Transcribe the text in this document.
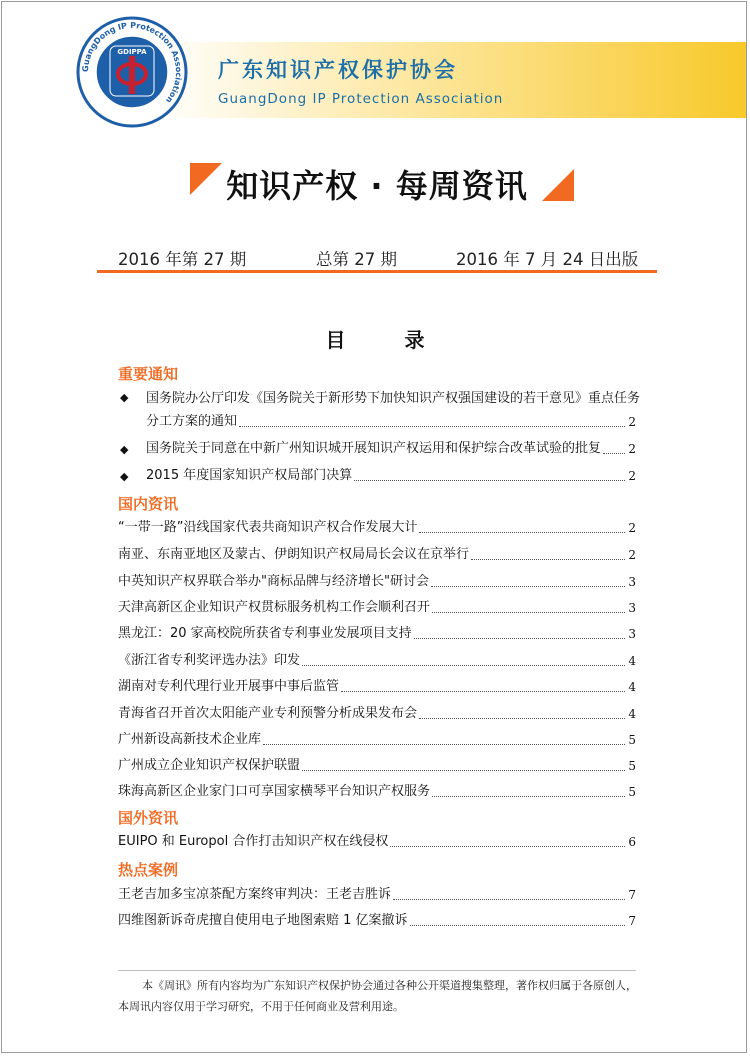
GuangDong IP Protection Association
GDIPPA
广东知识产权保护协会
GuangDong IP Protection Association
知识产权 · 每周资讯
2016 年第 27 期	总第 27 期	2016 年 7 月 24 日出版
目 录
重要通知
◆ 国务院办公厅印发《国务院关于新形势下加快知识产权强国建设的若干意见》重点任务
分工方案的通知	2
◆ 国务院关于同意在中新广州知识城开展知识产权运用和保护综合改革试验的批复 2
◆ 2015 年度国家知识产权局部门决算	2
国内资讯
“一带一路”沿线国家代表共商知识产权合作发展大计	2
南亚、东南亚地区及蒙古、伊朗知识产权局局长会议在京举行	2
中英知识产权界联合举办"商标品牌与经济增长"研讨会	3
天津高新区企业知识产权贯标服务机构工作会顺利召开	3
黑龙江：20 家高校院所获省专利事业发展项目支持	3
《浙江省专利奖评选办法》印发	4
湖南对专利代理行业开展事中事后监管	4
青海省召开首次太阳能产业专利预警分析成果发布会	4
广州新设高新技术企业库	5
广州成立企业知识产权保护联盟	5
珠海高新区企业家门口可享国家横琴平台知识产权服务	5
国外资讯
EUIPO 和 Europol 合作打击知识产权在线侵权	6
热点案例
王老吉加多宝凉茶配方案终审判决：王老吉胜诉	7
四维图新诉奇虎擅自使用电子地图索赔 1 亿案撤诉	7

本《周讯》所有内容均为广东知识产权保护协会通过各种公开渠道搜集整理，著作权归属于各原创人，

本周讯内容仅用于学习研究，不用于任何商业及营利用途。
